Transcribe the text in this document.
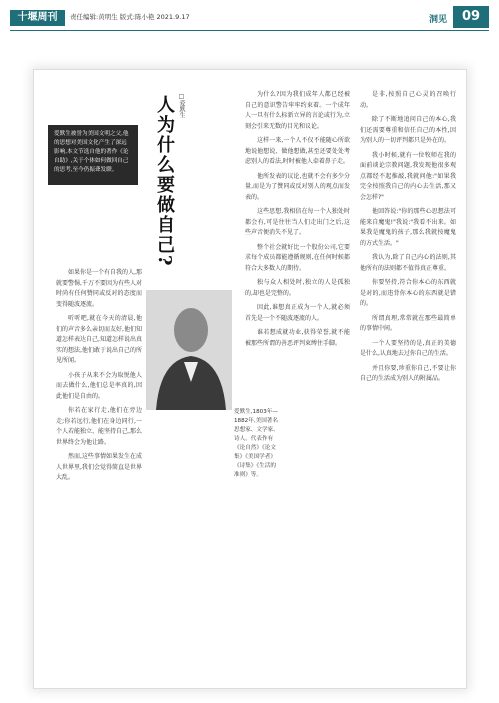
十堰周刊	责任编辑:黄明生 版式:陈小艳 2021.9.17	洞见	09

爱默生被誉为美国文明之父,他的思想对美国文化产生了深远影响,本文节选自他的著作《论自助》,关于个体如何做回自己的思考,至今仍振聋发聩。	人为什么要做自己? □爱默生

如果你是一个有自我的人,那就要警惕,千万不要因为有些人对时尚有任何赞同或反对的态度而变得随波逐流。

听听吧,就在今天的清晨,他们的声音多么亲切而友好,他们知道怎样表达自己,知道怎样说出真实的想法,他们敢于说出自己的所见所闻。

小孩子从来不会为取悦他人而去做什么,他们总是率真的,因此他们是自由的。

你若在家行走,他们在旁边走;你若远行,他们在身边同行,一个人若能独立、能坚持自己,那么世界终会为他让路。

然而,这些事情如果发生在成人世界里,我们会觉得简直是世界大乱。

爱默生,1803年—1882年,美国著名思想家、文学家、诗人。代表作有《论自然》《论文集》《美国学者》《诗集》《生活的准则》等。

为什么?因为我们成年人都已经被自己的意识警告牢牢约束着。一个成年人一旦有什么标新立异的言论或行为,立刻会引来无数的目光和议论。

这样一来,一个人不仅不能随心所欲地说他想说、做他想做,甚至还要处处考虑别人的看法,时时被他人牵着鼻子走。

他所发表的议论,也就不会有多少分量,而是为了赞同或反对别人的观点而发表的。

这些思想,我相信在每一个人独处时都会有,可是往往当人们走出门之后,这些声音便消失不见了。

整个社会就好比一个股份公司,它要求每个成员都能遵循规则,在任何时候都符合大多数人的期待。

独与众人相处时,独立的人是孤独的,却也是完整的。

因此,谁想真正成为一个人,就必须首先是一个不随波逐流的人。

谁若想成就功业,获得荣誉,就不能被那些所谓的善恶评判束缚住手脚。

是非,按照自己心灵的召唤行动。

除了不断地追问自己的本心,我们还需要尊重和信任自己的本性,因为别人的一切评判都只是外在的。

我小时候,就有一位牧师在我的面前谈论宗教问题,我发现他很多观点都经不起推敲,我就问他:"如果我完全按照我自己的内心去生活,那又会怎样?"

他回答说:"你的那些心思想法可能来自魔鬼!"我说:"我看不出来。如果我是魔鬼的孩子,那么我就按魔鬼的方式生活。"

我认为,除了自己内心的法则,其他所有的法则都不值得真正尊重。

你要坚持,符合你本心的东西就是对的,而违背你本心的东西就是错的。

所谓真理,常常就在那些最简单的事情中间。

一个人要坚持的是,真正的美德是什么,认真地去过你自己的生活。

并且你要,珍重你自己,不要让你自己的生活成为别人的附属品。
